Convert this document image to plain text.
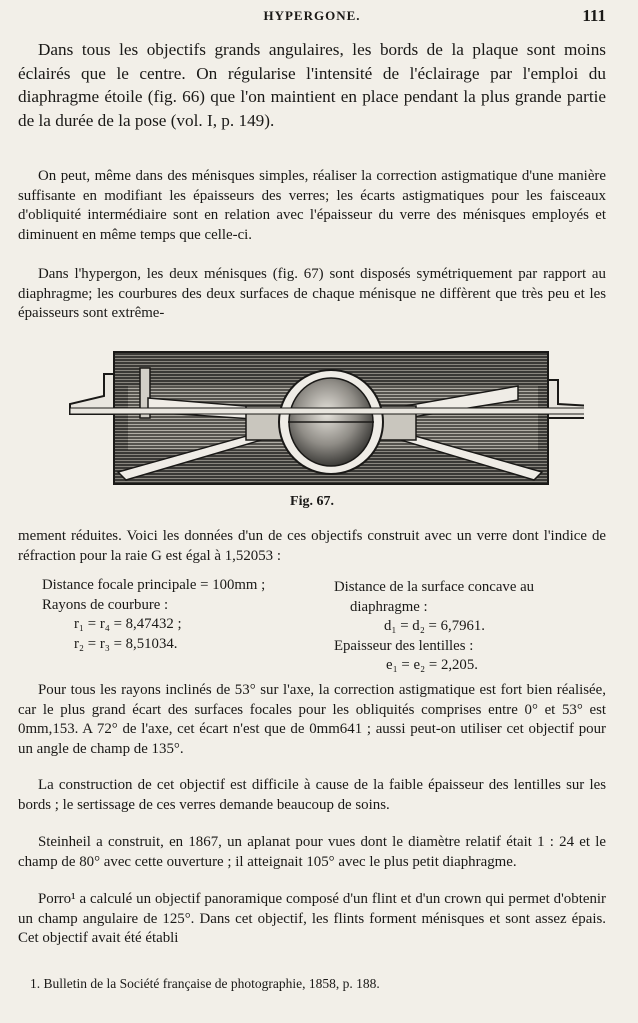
HYPERGONE.	111

Dans tous les objectifs grands angulaires, les bords de la plaque sont moins éclairés que le centre. On régularise l'intensité de l'éclairage par l'emploi du diaphragme étoile (fig. 66) que l'on maintient en place pendant la plus grande partie de la durée de la pose (vol. I, p. 149).

On peut, même dans des ménisques simples, réaliser la correction astigmatique d'une manière suffisante en modifiant les épaisseurs des verres; les écarts astigmatiques pour les faisceaux d'obliquité intermédiaire sont en relation avec l'épaisseur du verre des ménisques employés et diminuent en même temps que celle-ci.

Dans l'hypergon, les deux ménisques (fig. 67) sont disposés symétriquement par rapport au diaphragme; les courbures des deux surfaces de chaque ménisque ne diffèrent que très peu et les épaisseurs sont extrême-

Fig. 67.

mement réduites. Voici les données d'un de ces objectifs construit avec un verre dont l'indice de réfraction pour la raie G est égal à 1,52053 :

Distance focale principale = 100mm ;
Rayons de courbure :
r₁ = r₄ = 8,47432 ;
r₂ = r₃ = 8,51034.
Distance de la surface concave au
diaphragme :
d₁ = d₂ = 6,7961.
Epaisseur des lentilles :
e₁ = e₂ = 2,205.

Pour tous les rayons inclinés de 53° sur l'axe, la correction astigmatique est fort bien réalisée, car le plus grand écart des surfaces focales pour les obliquités comprises entre 0° et 53° est 0mm,153. A 72° de l'axe, cet écart n'est que de 0mm641 ; aussi peut-on utiliser cet objectif pour un angle de champ de 135°.

La construction de cet objectif est difficile à cause de la faible épaisseur des lentilles sur les bords ; le sertissage de ces verres demande beaucoup de soins.

Steinheil a construit, en 1867, un aplanat pour vues dont le diamètre relatif était 1 : 24 et le champ de 80° avec cette ouverture ; il atteignait 105° avec le plus petit diaphragme.

Porro¹ a calculé un objectif panoramique composé d'un flint et d'un crown qui permet d'obtenir un champ angulaire de 125°. Dans cet objectif, les flints forment ménisques et sont assez épais. Cet objectif avait été établi

1. Bulletin de la Société française de photographie, 1858, p. 188.
